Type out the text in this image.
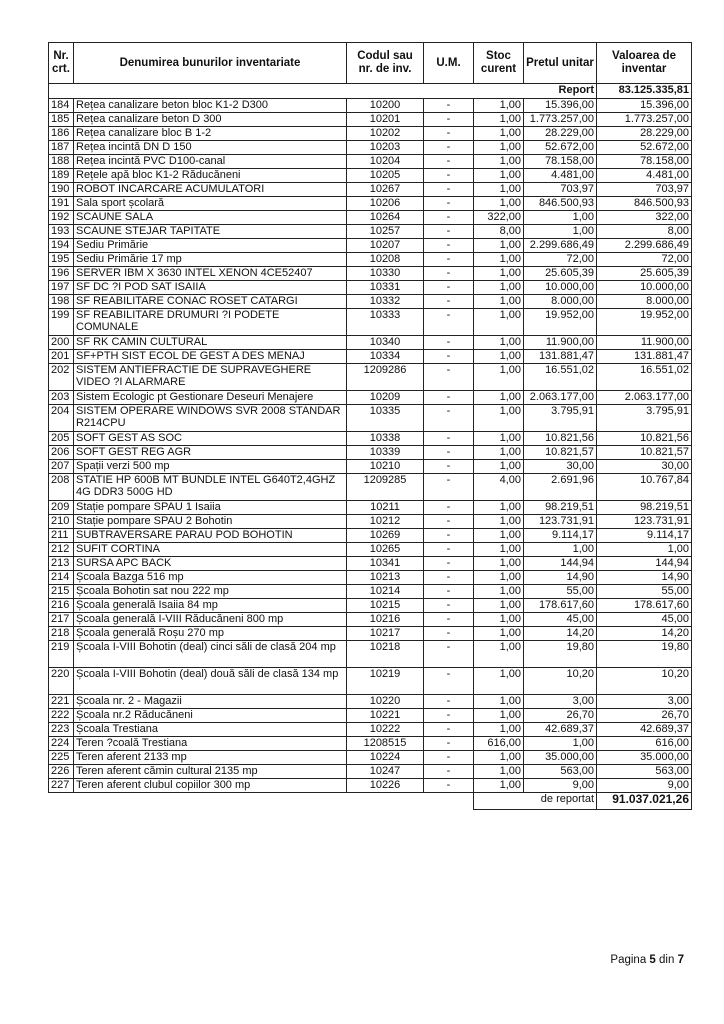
Nr. crt.	Denumirea bunurilor inventariate	Codul sau nr. de inv.	U.M.	Stoc curent	Pretul unitar	Valoarea de inventar
Report						83.125.335,81
184	Rețea canalizare beton bloc K1-2 D300	10200	-	1,00	15.396,00	15.396,00
185	Rețea canalizare beton D 300	10201	-	1,00	1.773.257,00	1.773.257,00
186	Rețea canalizare bloc B 1-2	10202	-	1,00	28.229,00	28.229,00
187	Rețea incintă DN D 150	10203	-	1,00	52.672,00	52.672,00
188	Rețea incintă PVC D100-canal	10204	-	1,00	78.158,00	78.158,00
189	Rețele apă bloc K1-2 Răducăneni	10205	-	1,00	4.481,00	4.481,00
190	ROBOT INCARCARE ACUMULATORI	10267	-	1,00	703,97	703,97
191	Sala sport școlară	10206	-	1,00	846.500,93	846.500,93
192	SCAUNE SALA	10264	-	322,00	1,00	322,00
193	SCAUNE STEJAR TAPITATE	10257	-	8,00	1,00	8,00
194	Sediu Primărie	10207	-	1,00	2.299.686,49	2.299.686,49
195	Sediu Primărie 17 mp	10208	-	1,00	72,00	72,00
196	SERVER IBM X 3630 INTEL XENON 4CE52407	10330	-	1,00	25.605,39	25.605,39
197	SF DC ?I POD SAT ISAIIA	10331	-	1,00	10.000,00	10.000,00
198	SF REABILITARE CONAC ROSET CATARGI	10332	-	1,00	8.000,00	8.000,00
199	SF REABILITARE DRUMURI ?I PODETE COMUNALE	10333	-	1,00	19.952,00	19.952,00
200	SF RK CAMIN CULTURAL	10340	-	1,00	11.900,00	11.900,00
201	SF+PTH SIST ECOL DE GEST A DES MENAJ	10334	-	1,00	131.881,47	131.881,47
202	SISTEM ANTIEFRACTIE DE SUPRAVEGHERE VIDEO ?I ALARMARE	1209286	-	1,00	16.551,02	16.551,02
203	Sistem Ecologic pt Gestionare Deseuri Menajere	10209	-	1,00	2.063.177,00	2.063.177,00
204	SISTEM OPERARE WINDOWS SVR 2008 STANDAR R214CPU	10335	-	1,00	3.795,91	3.795,91
205	SOFT GEST AS SOC	10338	-	1,00	10.821,56	10.821,56
206	SOFT GEST REG AGR	10339	-	1,00	10.821,57	10.821,57
207	Spații verzi 500 mp	10210	-	1,00	30,00	30,00
208	STATIE HP 600B MT BUNDLE INTEL G640T2,4GHZ 4G DDR3 500G HD	1209285	-	4,00	2.691,96	10.767,84
209	Stație pompare SPAU 1 Isaiia	10211	-	1,00	98.219,51	98.219,51
210	Stație pompare SPAU 2 Bohotin	10212	-	1,00	123.731,91	123.731,91
211	SUBTRAVERSARE PARAU POD BOHOTIN	10269	-	1,00	9.114,17	9.114,17
212	SUFIT CORTINA	10265	-	1,00	1,00	1,00
213	SURSA APC BACK	10341	-	1,00	144,94	144,94
214	Școala Bazga 516 mp	10213	-	1,00	14,90	14,90
215	Școala Bohotin sat nou 222 mp	10214	-	1,00	55,00	55,00
216	Școala generală Isaiia 84 mp	10215	-	1,00	178.617,60	178.617,60
217	Școala generală I-VIII Răducăneni 800 mp	10216	-	1,00	45,00	45,00
218	Școala generală Roșu 270 mp	10217	-	1,00	14,20	14,20
219	Școala I-VIII Bohotin (deal) cinci săli de clasă 204 mp	10218	-	1,00	19,80	19,80
220	Școala I-VIII Bohotin (deal) două săli de clasă 134 mp	10219	-	1,00	10,20	10,20
221	Școala nr. 2 - Magazii	10220	-	1,00	3,00	3,00
222	Școala nr.2 Răducăneni	10221	-	1,00	26,70	26,70
223	Școala Trestiana	10222	-	1,00	42.689,37	42.689,37
224	Teren ?coală Trestiana	1208515	-	616,00	1,00	616,00
225	Teren aferent 2133 mp	10224	-	1,00	35.000,00	35.000,00
226	Teren aferent cămin cultural 2135 mp	10247	-	1,00	563,00	563,00
227	Teren aferent clubul copiilor 300 mp	10226	-	1,00	9,00	9,00
				de reportat		91.037.021,26
Pagina 5 din 7
